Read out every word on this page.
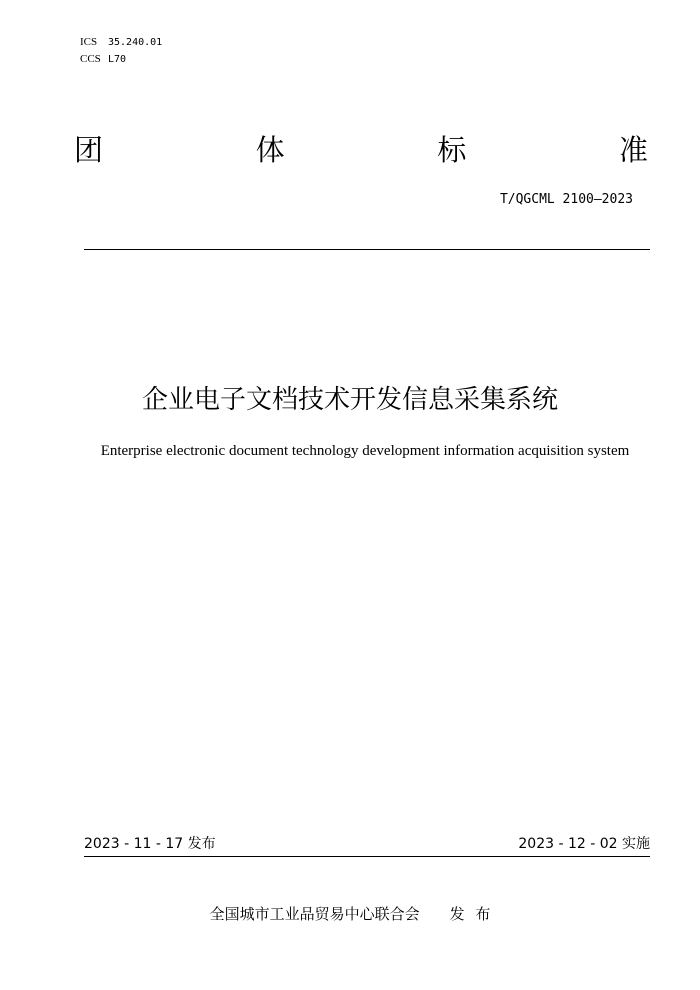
ICS 35.240.01
CCS L70
团	体	标	准
T/QGCML 2100—2023
企业电子文档技术开发信息采集系统
Enterprise electronic document technology development information acquisition system
2023 - 11 - 17 发布	2023 - 12 - 02 实施
全国城市工业品贸易中心联合会 发 布
